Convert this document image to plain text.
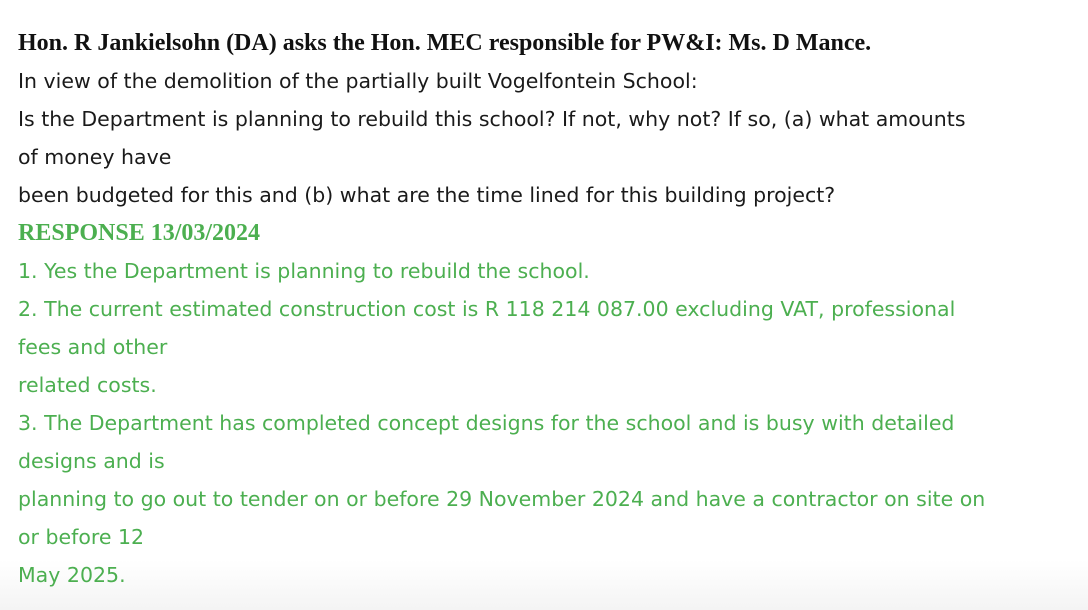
Hon. R Jankielsohn (DA) asks the Hon. MEC responsible for PW&I: Ms. D Mance.
In view of the demolition of the partially built Vogelfontein School:
Is the Department is planning to rebuild this school? If not, why not? If so, (a) what amounts
of money have
been budgeted for this and (b) what are the time lined for this building project?
RESPONSE 13/03/2024
1. Yes the Department is planning to rebuild the school.
2. The current estimated construction cost is R 118 214 087.00 excluding VAT, professional
fees and other
related costs.
3. The Department has completed concept designs for the school and is busy with detailed
designs and is
planning to go out to tender on or before 29 November 2024 and have a contractor on site on
or before 12
May 2025.
